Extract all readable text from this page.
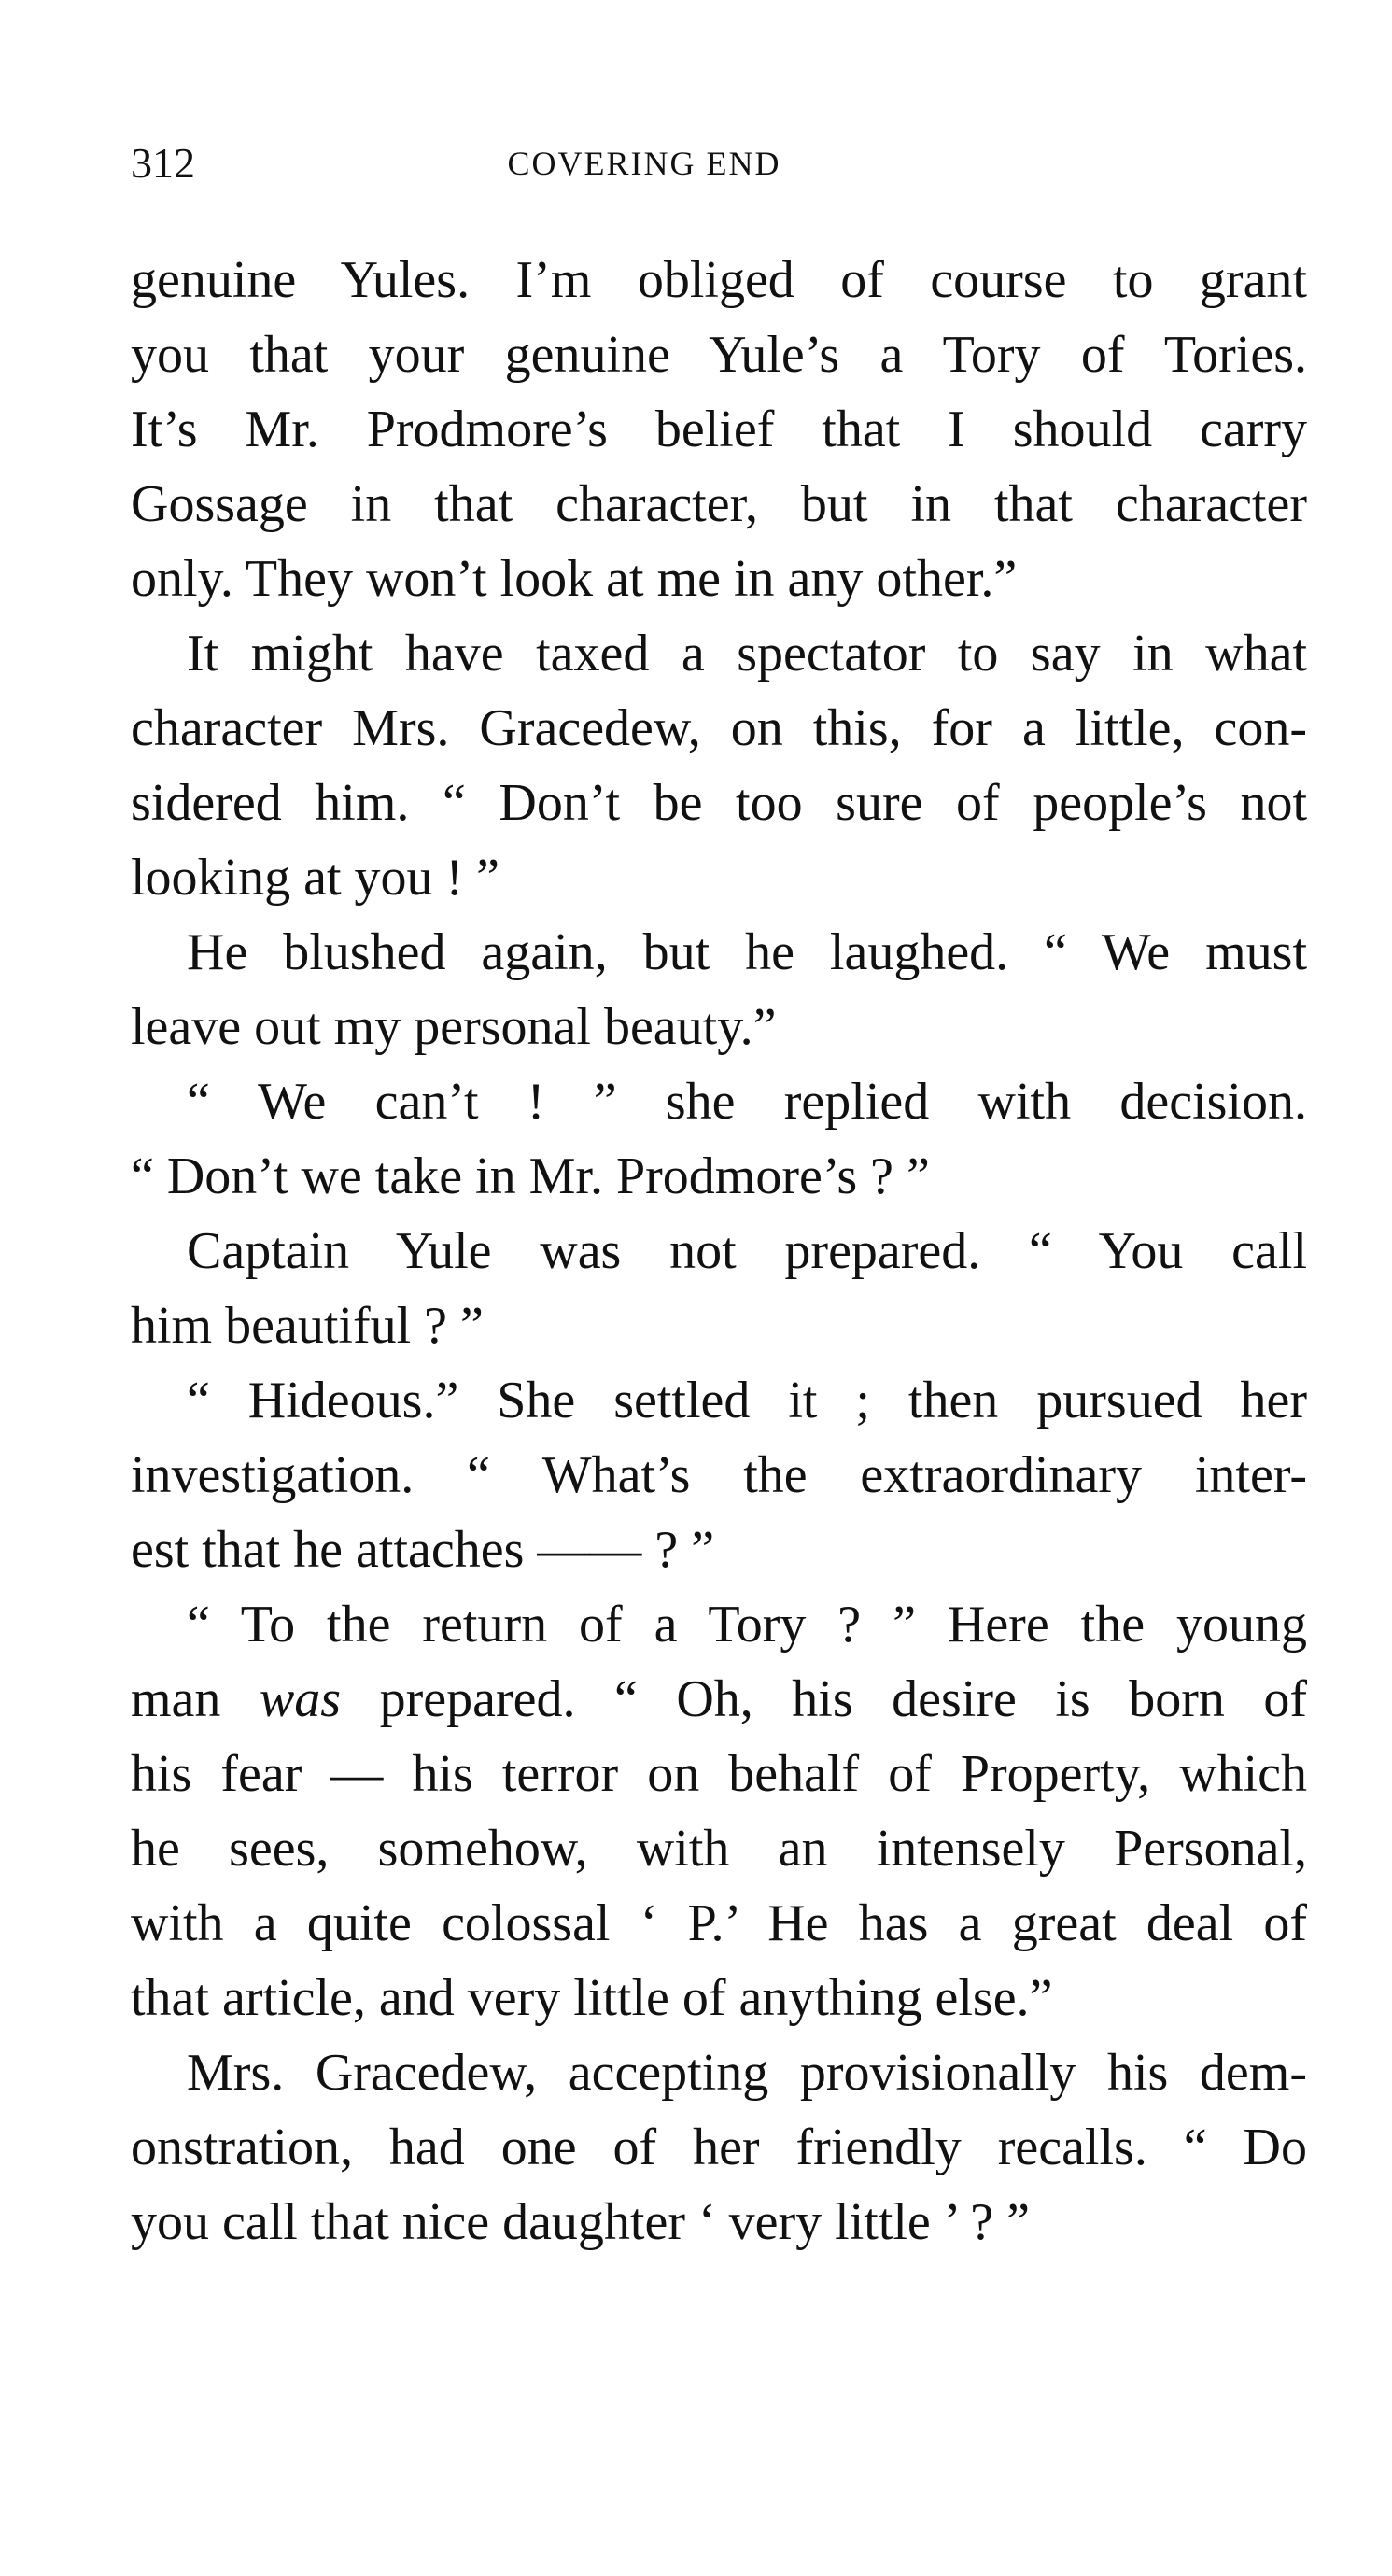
312	COVERING END
genuine Yules. I’m obliged of course to grant
you that your genuine Yule’s a Tory of Tories.
It’s Mr. Prodmore’s belief that I should carry
Gossage in that character, but in that character
only. They won’t look at me in any other.”
It might have taxed a spectator to say in what
character Mrs. Gracedew, on this, for a little, con-
sidered him. “ Don’t be too sure of people’s not
looking at you ! ”
He blushed again, but he laughed. “ We must
leave out my personal beauty.”
“ We can’t ! ” she replied with decision.
“ Don’t we take in Mr. Prodmore’s ? ”
Captain Yule was not prepared. “ You call
him beautiful ? ”
“ Hideous.” She settled it ; then pursued her
investigation. “ What’s the extraordinary inter-
est that he attaches —— ? ”
“ To the return of a Tory ? ” Here the young
man was prepared. “ Oh, his desire is born of
his fear — his terror on behalf of Property, which
he sees, somehow, with an intensely Personal,
with a quite colossal ‘ P.’ He has a great deal of
that article, and very little of anything else.”
Mrs. Gracedew, accepting provisionally his dem-
onstration, had one of her friendly recalls. “ Do
you call that nice daughter ‘ very little ’ ? ”
